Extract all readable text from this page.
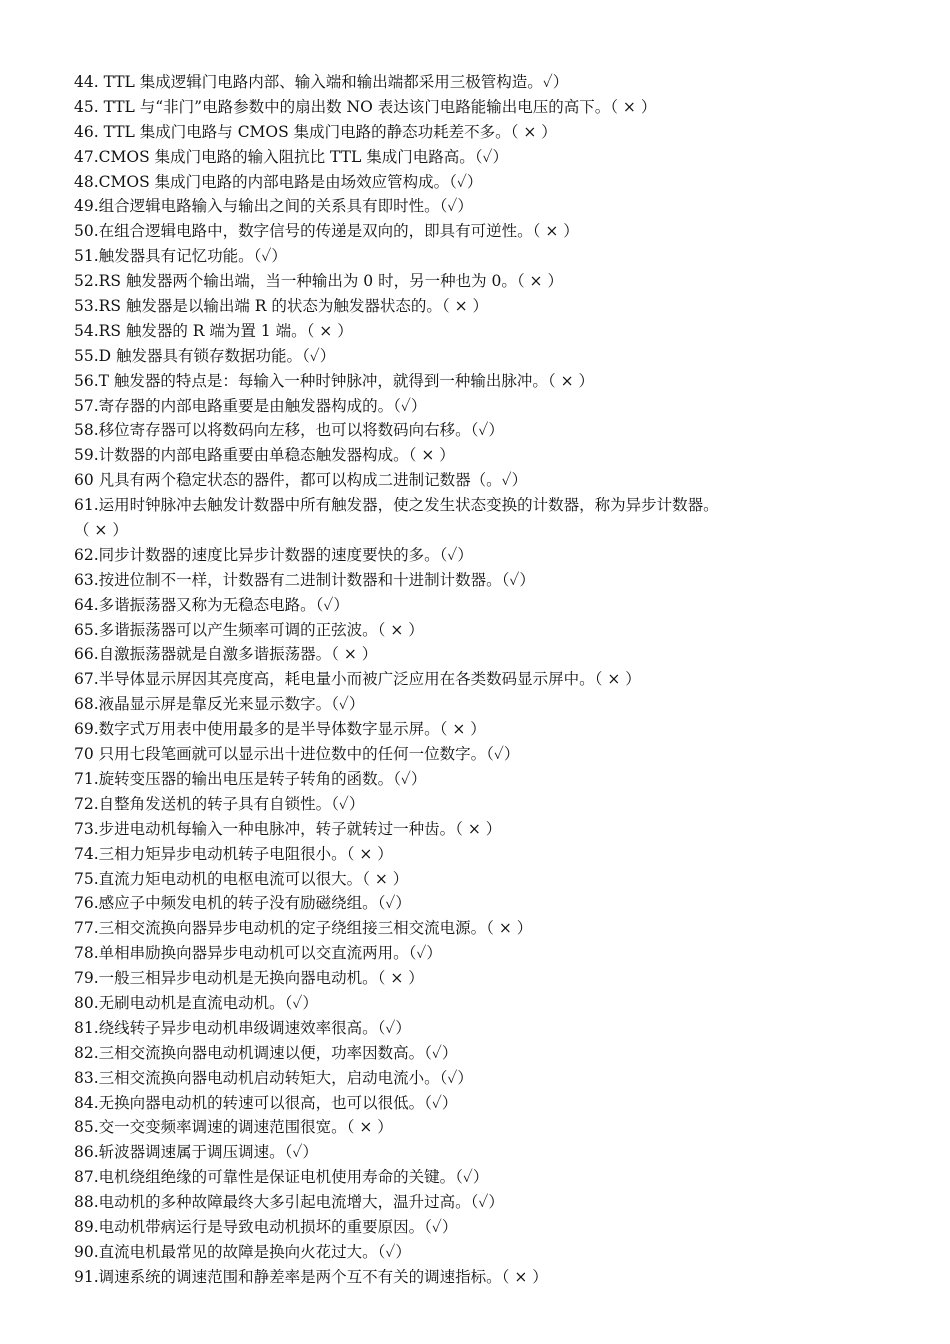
44. TTL 集成逻辑门电路内部、输入端和输出端都采用三极管构造。✓）
45. TTL 与“非门”电路参数中的扇出数 NO 表达该门电路能输出电压的高下。（ × ）
46. TTL 集成门电路与 CMOS 集成门电路的静态功耗差不多。（ × ）
47.CMOS 集成门电路的输入阻抗比 TTL 集成门电路高。（✓）
48.CMOS 集成门电路的内部电路是由场效应管构成。（✓）
49.组合逻辑电路输入与输出之间的关系具有即时性。（✓）
50.在组合逻辑电路中，数字信号的传递是双向的，即具有可逆性。（ × ）
51.触发器具有记忆功能。（✓）
52.RS 触发器两个输出端，当一种输出为 0 时，另一种也为 0。（ × ）
53.RS 触发器是以输出端 R 的状态为触发器状态的。（ × ）
54.RS 触发器的 R 端为置 1 端。（ × ）
55.D 触发器具有锁存数据功能。（✓）
56.T 触发器的特点是：每输入一种时钟脉冲，就得到一种输出脉冲。（ × ）
57.寄存器的内部电路重要是由触发器构成的。（✓）
58.移位寄存器可以将数码向左移，也可以将数码向右移。（✓）
59.计数器的内部电路重要由单稳态触发器构成。（ × ）
60 凡具有两个稳定状态的器件，都可以构成二进制记数器（。✓）
61.运用时钟脉冲去触发计数器中所有触发器，使之发生状态变换的计数器，称为异步计数器。
（ × ）
62.同步计数器的速度比异步计数器的速度要快的多。（✓）
63.按进位制不一样，计数器有二进制计数器和十进制计数器。（✓）
64.多谐振荡器又称为无稳态电路。（✓）
65.多谐振荡器可以产生频率可调的正弦波。（ × ）
66.自激振荡器就是自激多谐振荡器。（ × ）
67.半导体显示屏因其亮度高，耗电量小而被广泛应用在各类数码显示屏中。（ × ）
68.液晶显示屏是靠反光来显示数字。（✓）
69.数字式万用表中使用最多的是半导体数字显示屏。（ × ）
70 只用七段笔画就可以显示出十进位数中的任何一位数字。（✓）
71.旋转变压器的输出电压是转子转角的函数。（✓）
72.自整角发送机的转子具有自锁性。（✓）
73.步进电动机每输入一种电脉冲，转子就转过一种齿。（ × ）
74.三相力矩异步电动机转子电阻很小。（ × ）
75.直流力矩电动机的电枢电流可以很大。（ × ）
76.感应子中频发电机的转子没有励磁绕组。（✓）
77.三相交流换向器异步电动机的定子绕组接三相交流电源。（ × ）
78.单相串励换向器异步电动机可以交直流两用。（✓）
79.一般三相异步电动机是无换向器电动机。（ × ）
80.无刷电动机是直流电动机。（✓）
81.绕线转子异步电动机串级调速效率很高。（✓）
82.三相交流换向器电动机调速以便，功率因数高。（✓）
83.三相交流换向器电动机启动转矩大，启动电流小。（✓）
84.无换向器电动机的转速可以很高，也可以很低。（✓）
85.交一交变频率调速的调速范围很宽。（ × ）
86.斩波器调速属于调压调速。（✓）
87.电机绕组绝缘的可靠性是保证电机使用寿命的关键。（✓）
88.电动机的多种故障最终大多引起电流增大，温升过高。（✓）
89.电动机带病运行是导致电动机损坏的重要原因。（✓）
90.直流电机最常见的故障是换向火花过大。（✓）
91.调速系统的调速范围和静差率是两个互不有关的调速指标。（ × ）
